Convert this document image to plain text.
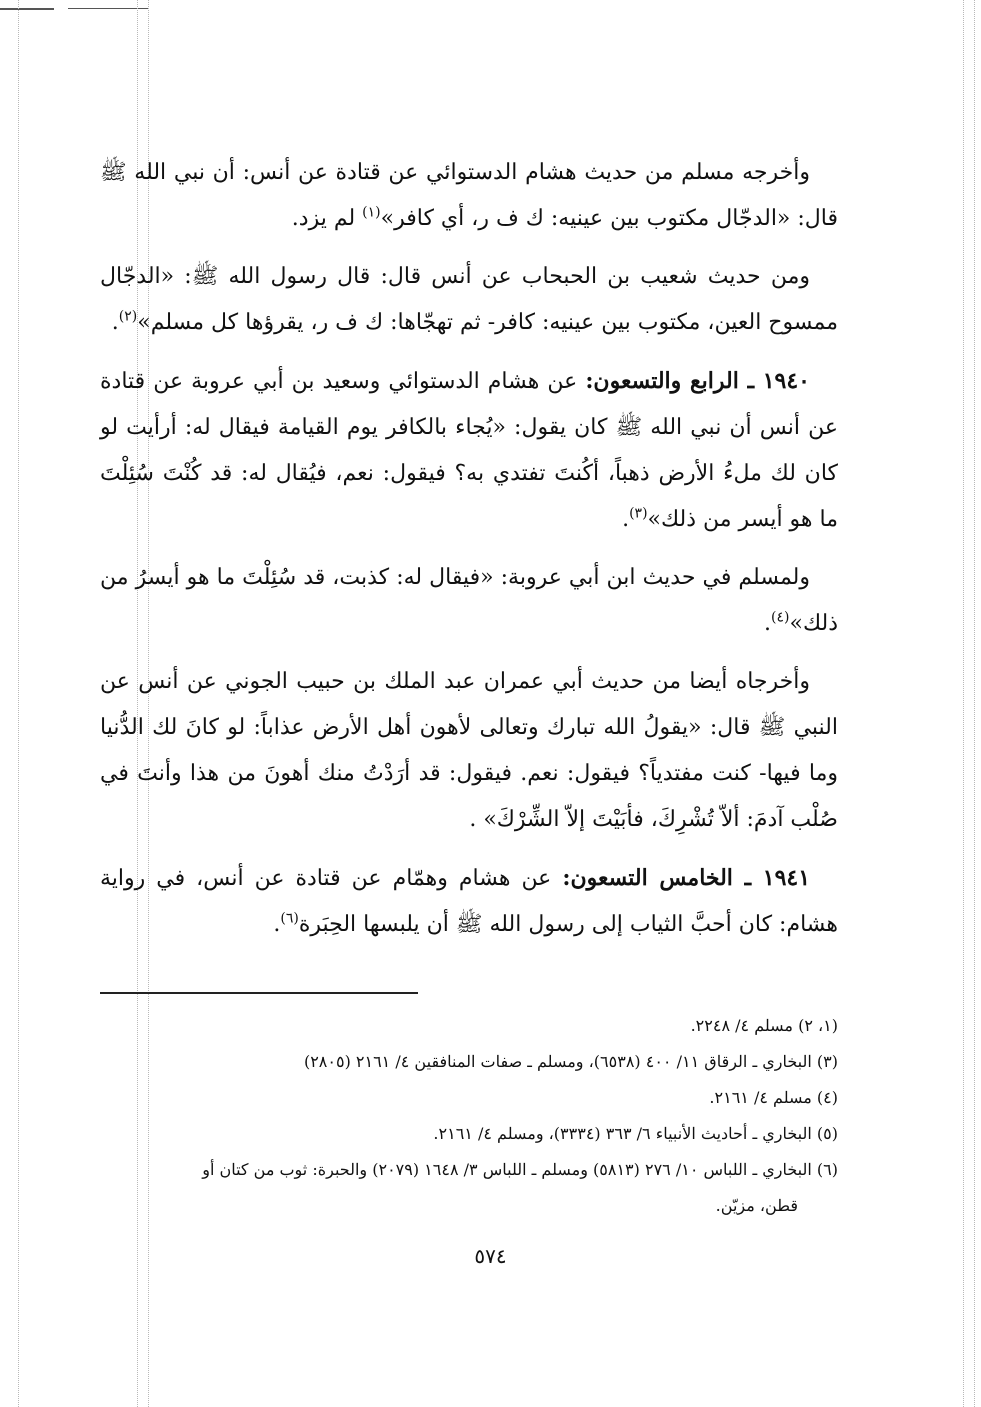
وأخرجه مسلم من حديث هشام الدستوائي عن قتادة عن أنس: أن نبي الله ﷺ قال: «الدجّال مكتوب بين عينيه: ك ف ر، أي كافر»$^{(١)}$ لم يزد.

ومن حديث شعيب بن الحبحاب عن أنس قال: قال رسول الله ﷺ: «الدجّال ممسوح العين، مكتوب بين عينيه: كافر- ثم تهجّاها: ك ف ر، يقرؤها كل مسلم»$^{(٢)}$.

١٩٤٠ ـ الرابع والتسعون: عن هشام الدستوائي وسعيد بن أبي عروبة عن قتادة عن أنس أن نبي الله ﷺ كان يقول: «يُجاء بالكافر يوم القيامة فيقال له: أرأيت لو كان لك ملءُ الأرض ذهباً، أكُنتَ تفتدي به؟ فيقول: نعم، فيُقال له: قد كُنْتَ سُئِلْتَ ما هو أيسر من ذلك»$^{(٣)}$.

ولمسلم في حديث ابن أبي عروبة: «فيقال له: كذبت، قد سُئِلْتَ ما هو أيسرُ من ذلك»$^{(٤)}$.

وأخرجاه أيضا من حديث أبي عمران عبد الملك بن حبيب الجوني عن أنس عن النبي ﷺ قال: «يقولُ الله تبارك وتعالى لأهون أهل الأرض عذاباً: لو كانَ لك الدُّنيا وما فيها- كنت مفتدياً؟ فيقول: نعم. فيقول: قد أرَدْتُ منك أهونَ من هذا وأنتَ في صُلْب آدمَ: ألاّ تُشْرِكَ، فأبَيْتَ إلاّ الشِّرْكَ» .

١٩٤١ ـ الخامس التسعون: عن هشام وهمّام عن قتادة عن أنس، في رواية هشام: كان أحبَّ الثياب إلى رسول الله ﷺ أن يلبسها الحِبَرة$^{(٦)}$.

(١، ٢) مسلم ٤/ ٢٢٤٨.

(٣) البخاري ـ الرقاق ١١/ ٤٠٠ (٦٥٣٨)، ومسلم ـ صفات المنافقين ٤/ ٢١٦١ (٢٨٠٥)

(٤) مسلم ٤/ ٢١٦١.

(٥) البخاري ـ أحاديث الأنبياء ٦/ ٣٦٣ (٣٣٣٤)، ومسلم ٤/ ٢١٦١.

(٦) البخاري ـ اللباس ١٠/ ٢٧٦ (٥٨١٣) ومسلم ـ اللباس ٣/ ١٦٤٨ (٢٠٧٩) والحبرة: ثوب من كتان أو

قطن، مزيّن.

٥٧٤
